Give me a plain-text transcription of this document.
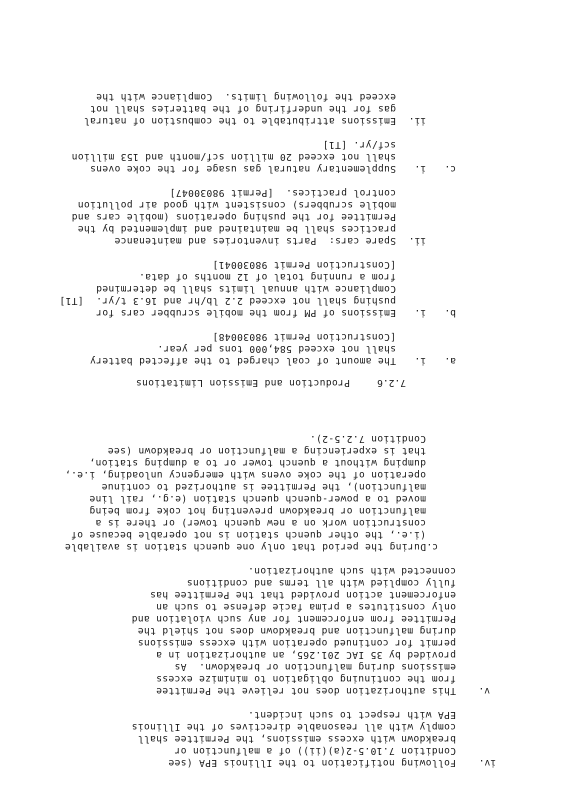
iv.
Following notification to the Illinois EPA (see
Condition 7.10.5-2(a)(ii)) of a malfunction or
breakdown with excess emissions, the Permittee shall
comply with all reasonable directives of the Illinois
EPA with respect to such incident.
v.
This authorization does not relieve the Permittee
from the continuing obligation to minimize excess
emissions during malfunction or breakdown.  As
provided by 35 IAC 201.265, an authorization in a
permit for continued operation with excess emissions
during malfunction and breakdown does not shield the
Permittee from enforcement for any such violation and
only constitutes a prima facie defense to such an
enforcement action provided that the Permittee has
fully complied with all terms and conditions
connected with such authorization.
c.
During the period that only one quench station is available
(i.e., the other quench station is not operable because of
construction work on a new quench tower) or there is a
malfunction or breakdown preventing hot coke from being
moved to a power-quench quench station (e.g., rail line
malfunction), the Permittee is authorized to continue
operation of the coke ovens with emergency unloading, i.e.,
dumping without a quench tower or to a dumping station,
that is experiencing a malfunction or breakdown (see
Condition 7.2.5-2).
7.2.6
Production and Emission Limitations
a.
i.
The amount of coal charged to the affected battery
shall not exceed 584,000 tons per year.
[Construction Permit 98030048]
b.
i.
Emissions of PM from the mobile scrubber cars for
pushing shall not exceed 2.2 lb/hr and 16.3 t/yr.  [T1]
Compliance with annual limits shall be determined
from a running total of 12 months of data.
[Construction Permit 98030041]
ii.
Spare cars:  Parts inventories and maintenance
practices shall be maintained and implemented by the
Permittee for the pushing operations (mobile cars and
mobile scrubbers) consistent with good air pollution
control practices.  [Permit 98030047]
c.
i.
Supplementary natural gas usage for the coke ovens
shall not exceed 20 million scf/month and 153 million
scf/yr. [T1]
ii.
Emissions attributable to the combustion of natural
gas for the underfiring of the batteries shall not
exceed the following limits.  Compliance with the
